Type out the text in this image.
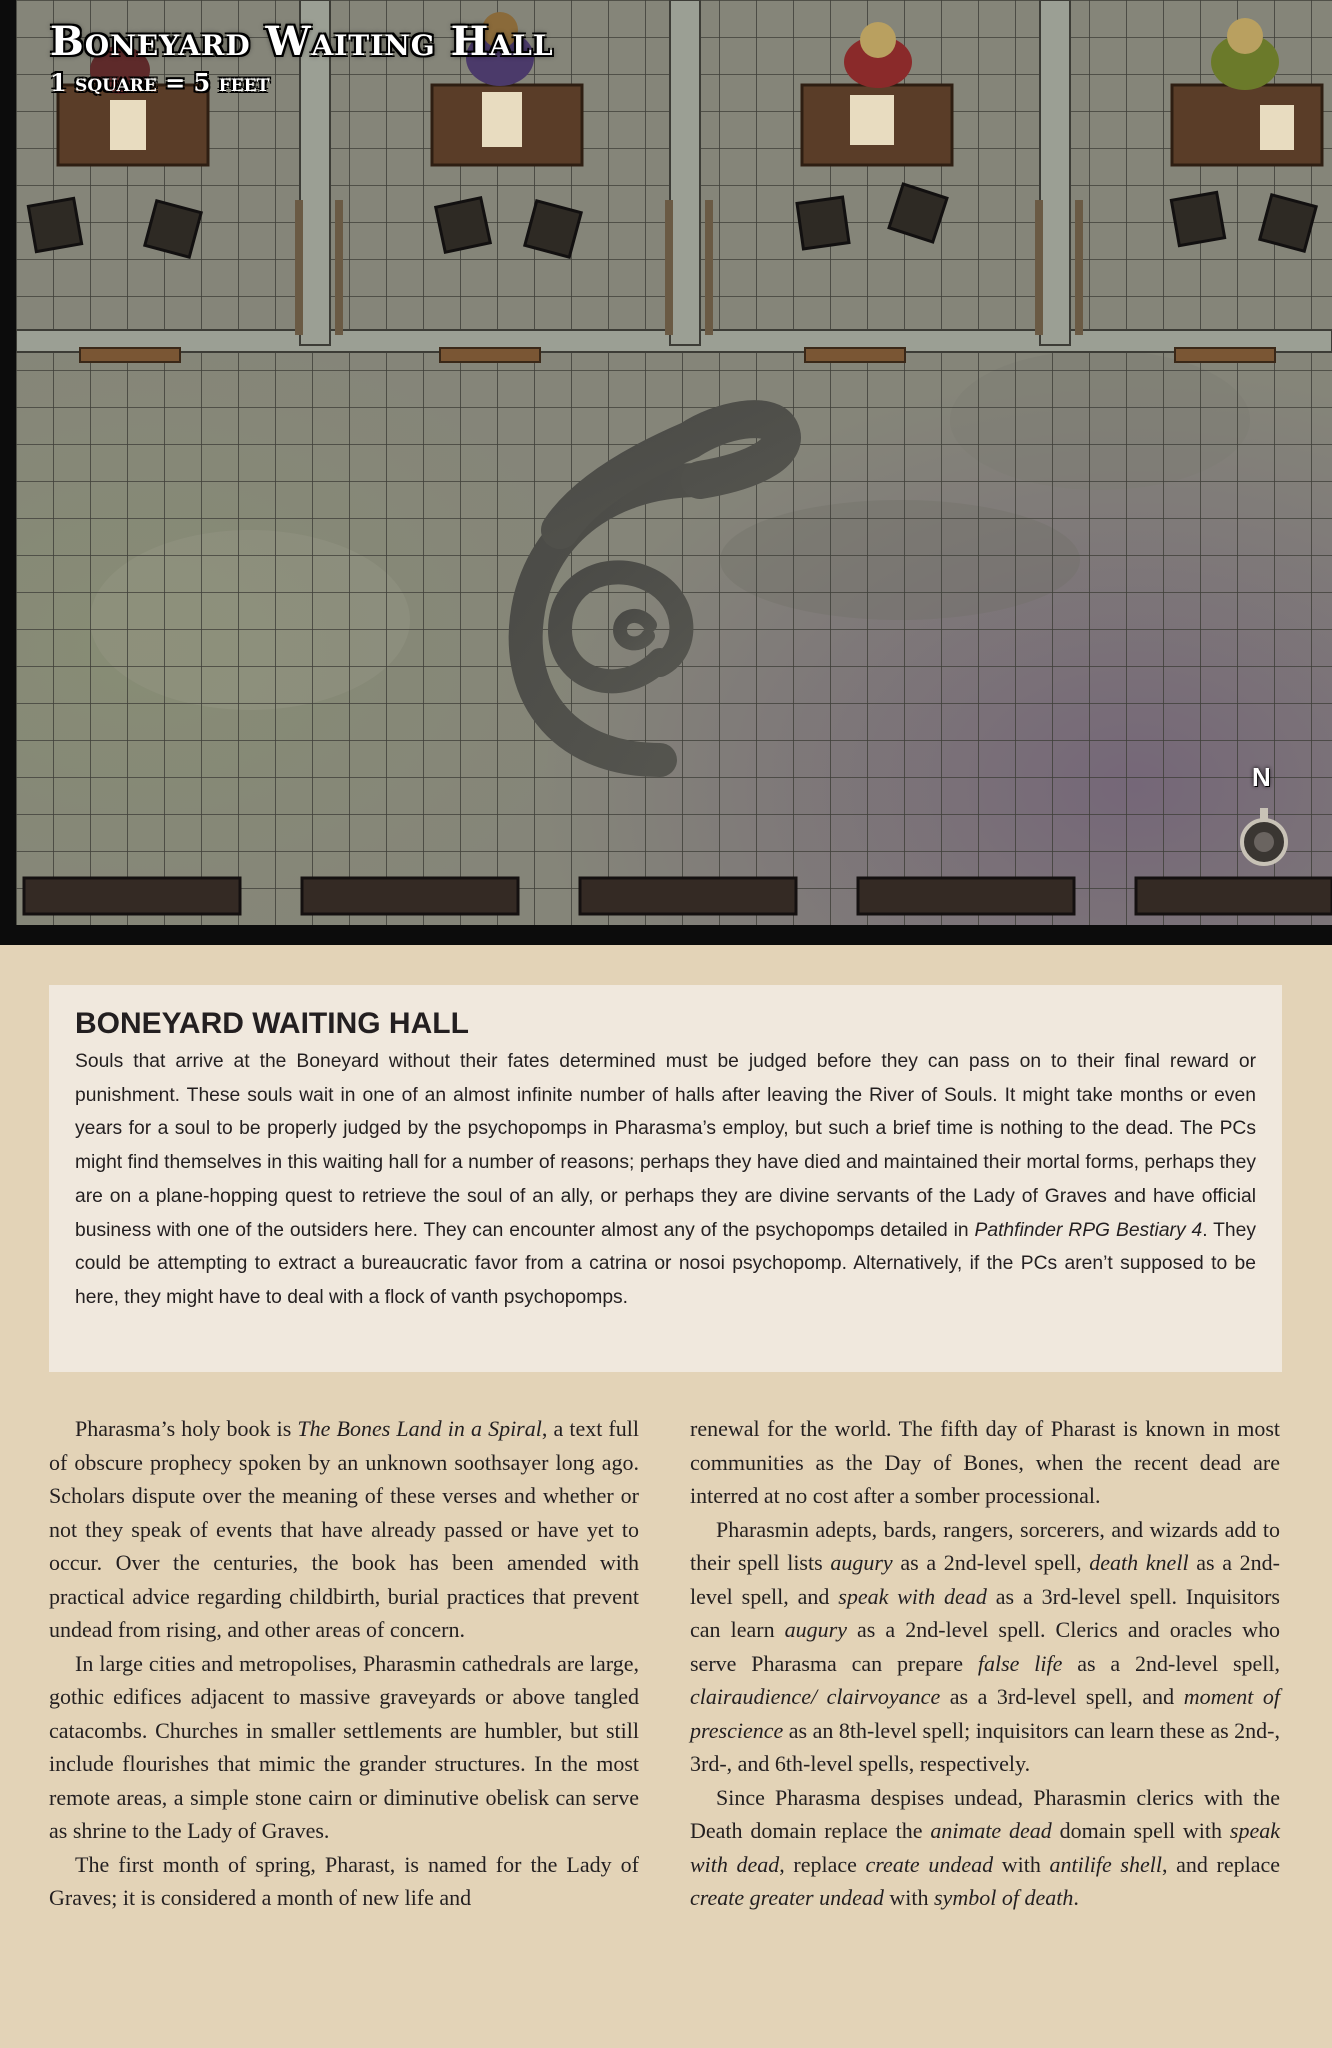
Boneyard Waiting Hall
1 square = 5 feet
N
BONEYARD WAITING HALL

Souls that arrive at the Boneyard without their fates determined must be judged before they can pass on to their final reward or punishment. These souls wait in one of an almost infinite number of halls after leaving the River of Souls. It might take months or even years for a soul to be properly judged by the psychopomps in Pharasma’s employ, but such a brief time is nothing to the dead. The PCs might find themselves in this waiting hall for a number of reasons; perhaps they have died and maintained their mortal forms, perhaps they are on a plane-hopping quest to retrieve the soul of an ally, or perhaps they are divine servants of the Lady of Graves and have official business with one of the outsiders here. They can encounter almost any of the psychopomps detailed in Pathfinder RPG Bestiary 4. They could be attempting to extract a bureaucratic favor from a catrina or nosoi psychopomp. Alternatively, if the PCs aren’t supposed to be here, they might have to deal with a flock of vanth psychopomps.

Pharasma’s holy book is The Bones Land in a Spiral, a text full of obscure prophecy spoken by an unknown soothsayer long ago. Scholars dispute over the meaning of these verses and whether or not they speak of events that have already passed or have yet to occur. Over the centuries, the book has been amended with practical advice regarding childbirth, burial practices that prevent undead from rising, and other areas of concern.

In large cities and metropolises, Pharasmin cathedrals are large, gothic edifices adjacent to massive graveyards or above tangled catacombs. Churches in smaller settlements are humbler, but still include flourishes that mimic the grander structures. In the most remote areas, a simple stone cairn or diminutive obelisk can serve as shrine to the Lady of Graves.

The first month of spring, Pharast, is named for the Lady of Graves; it is considered a month of new life and

renewal for the world. The fifth day of Pharast is known in most communities as the Day of Bones, when the recent dead are interred at no cost after a somber processional.

Pharasmin adepts, bards, rangers, sorcerers, and wizards add to their spell lists augury as a 2nd-level spell, death knell as a 2nd-level spell, and speak with dead as a 3rd-level spell. Inquisitors can learn augury as a 2nd-level spell. Clerics and oracles who serve Pharasma can prepare false life as a 2nd-level spell, clairaudience/ clairvoyance as a 3rd-level spell, and moment of prescience as an 8th-level spell; inquisitors can learn these as 2nd-, 3rd-, and 6th-level spells, respectively.

Since Pharasma despises undead, Pharasmin clerics with the Death domain replace the animate dead domain spell with speak with dead, replace create undead with antilife shell, and replace create greater undead with symbol of death.
